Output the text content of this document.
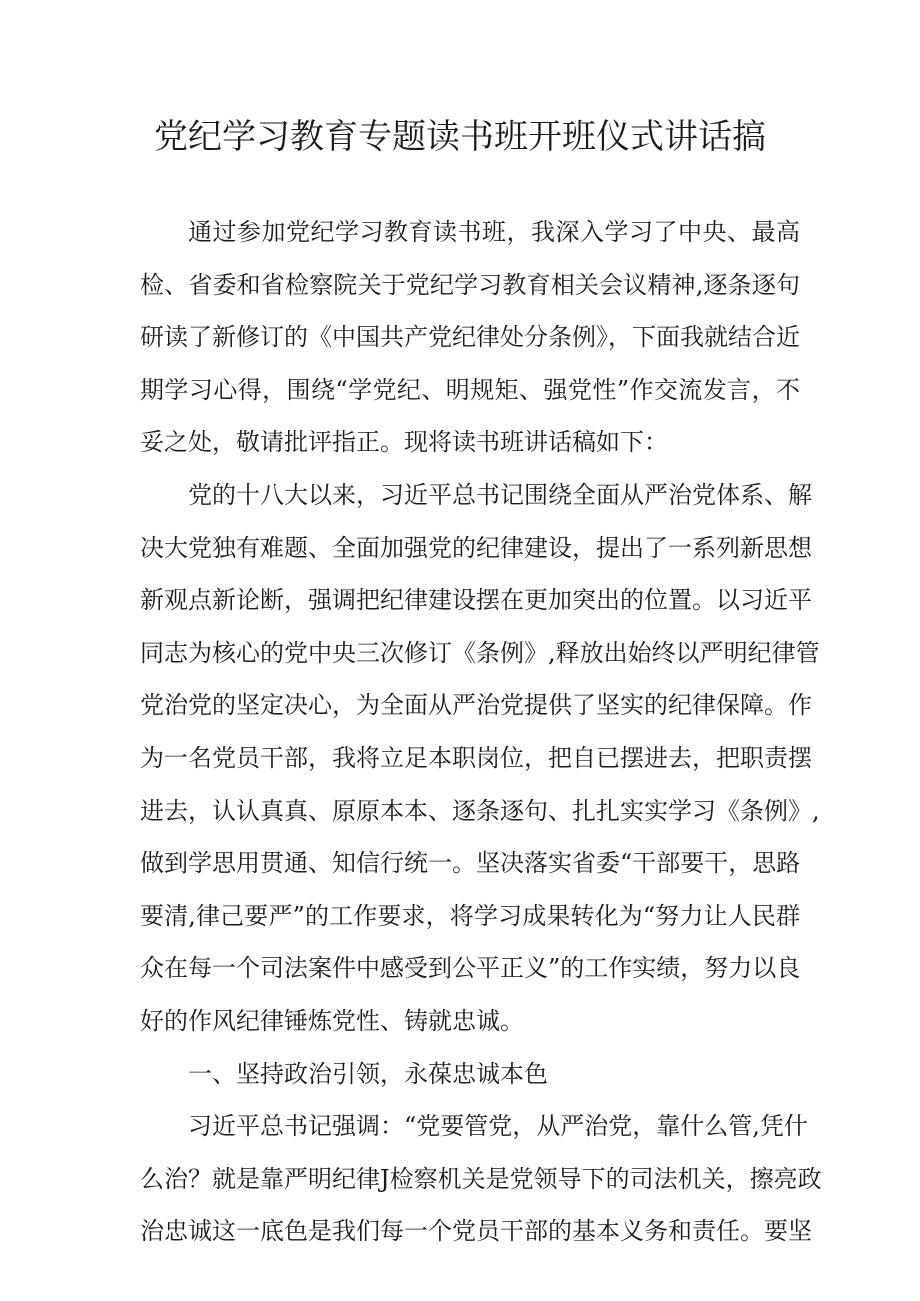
党纪学习教育专题读书班开班仪式讲话搞
通过参加党纪学习教育读书班，我深入学习了中央、最高
检、省委和省检察院关于党纪学习教育相关会议精神,逐条逐句
研读了新修订的《中国共产党纪律处分条例》，下面我就结合近
期学习心得，围绕“学党纪、明规矩、强党性”作交流发言，不
妥之处，敬请批评指正。现将读书班讲话稿如下：
党的十八大以来，习近平总书记围绕全面从严治党体系、解
决大党独有难题、全面加强党的纪律建设，提出了一系列新思想
新观点新论断，强调把纪律建设摆在更加突出的位置。以习近平
同志为核心的党中央三次修订《条例》,释放出始终以严明纪律管
党治党的坚定决心，为全面从严治党提供了坚实的纪律保障。作
为一名党员干部，我将立足本职岗位，把自已摆进去，把职责摆
进去，认认真真、原原本本、逐条逐句、扎扎实实学习《条例》,
做到学思用贯通、知信行统一。坚决落实省委“干部要干，思路
要清,律己要严”的工作要求，将学习成果转化为“努力让人民群
众在每一个司法案件中感受到公平正义”的工作实绩，努力以良
好的作风纪律锤炼党性、铸就忠诚。
一、坚持政治引领，永葆忠诚本色
习近平总书记强调：“党要管党，从严治党，靠什么管,凭什
么治？就是靠严明纪律J检察机关是党领导下的司法机关，擦亮政
治忠诚这一底色是我们每一个党员干部的基本义务和责任。要坚
